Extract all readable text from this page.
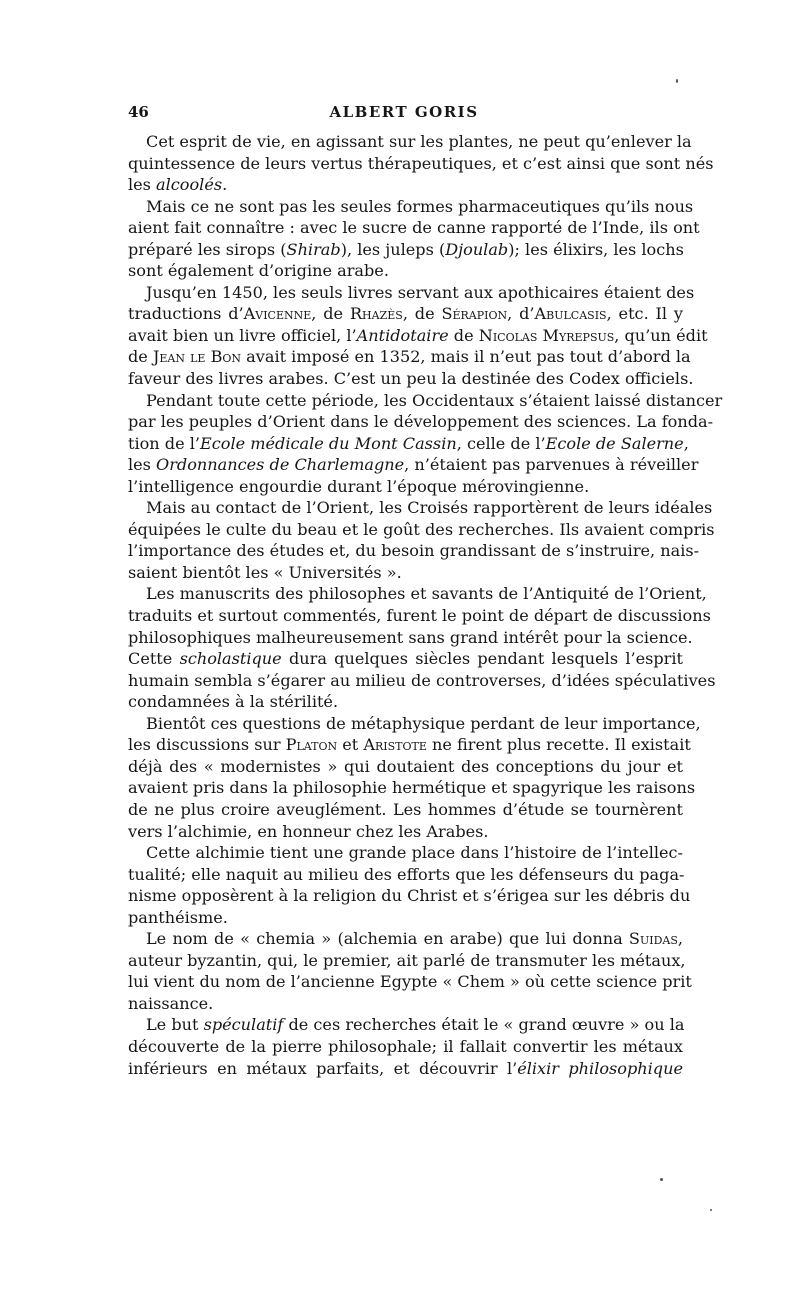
46	ALBERT GORIS
Cet esprit de vie, en agissant sur les plantes, ne peut qu’enlever la
quintessence de leurs vertus thérapeutiques, et c’est ainsi que sont nés
les alcoolés.
Mais ce ne sont pas les seules formes pharmaceutiques qu’ils nous
aient fait connaître : avec le sucre de canne rapporté de l’Inde, ils ont
préparé les sirops (Shirab), les juleps (Djoulab); les élixirs, les lochs
sont également d’origine arabe.
Jusqu’en 1450, les seuls livres servant aux apothicaires étaient des
traductions d’Avicenne, de Rhazès, de Sérapion, d’Abulcasis, etc. Il y
avait bien un livre officiel, l’Antidotaire de Nicolas Myrepsus, qu’un édit
de Jean le Bon avait imposé en 1352, mais il n’eut pas tout d’abord la
faveur des livres arabes. C’est un peu la destinée des Codex officiels.
Pendant toute cette période, les Occidentaux s’étaient laissé distancer
par les peuples d’Orient dans le développement des sciences. La fonda-
tion de l’Ecole médicale du Mont Cassin, celle de l’Ecole de Salerne,
les Ordonnances de Charlemagne, n’étaient pas parvenues à réveiller
l’intelligence engourdie durant l’époque mérovingienne.
Mais au contact de l’Orient, les Croisés rapportèrent de leurs idéales
équipées le culte du beau et le goût des recherches. Ils avaient compris
l’importance des études et, du besoin grandissant de s’instruire, nais-
saient bientôt les « Universités ».
Les manuscrits des philosophes et savants de l’Antiquité de l’Orient,
traduits et surtout commentés, furent le point de départ de discussions
philosophiques malheureusement sans grand intérêt pour la science.
Cette scholastique dura quelques siècles pendant lesquels l’esprit
humain sembla s’égarer au milieu de controverses, d’idées spéculatives
condamnées à la stérilité.
Bientôt ces questions de métaphysique perdant de leur importance,
les discussions sur Platon et Aristote ne firent plus recette. Il existait
déjà des « modernistes » qui doutaient des conceptions du jour et
avaient pris dans la philosophie hermétique et spagyrique les raisons
de ne plus croire aveuglément. Les hommes d’étude se tournèrent
vers l’alchimie, en honneur chez les Arabes.
Cette alchimie tient une grande place dans l’histoire de l’intellec-
tualité; elle naquit au milieu des efforts que les défenseurs du paga-
nisme opposèrent à la religion du Christ et s’érigea sur les débris du
panthéisme.
Le nom de « chemia » (alchemia en arabe) que lui donna Suidas,
auteur byzantin, qui, le premier, ait parlé de transmuter les métaux,
lui vient du nom de l’ancienne Egypte « Chem » où cette science prit
naissance.
Le but spéculatif de ces recherches était le « grand œuvre » ou la
découverte de la pierre philosophale; il fallait convertir les métaux
inférieurs en métaux parfaits, et découvrir l’élixir philosophique
